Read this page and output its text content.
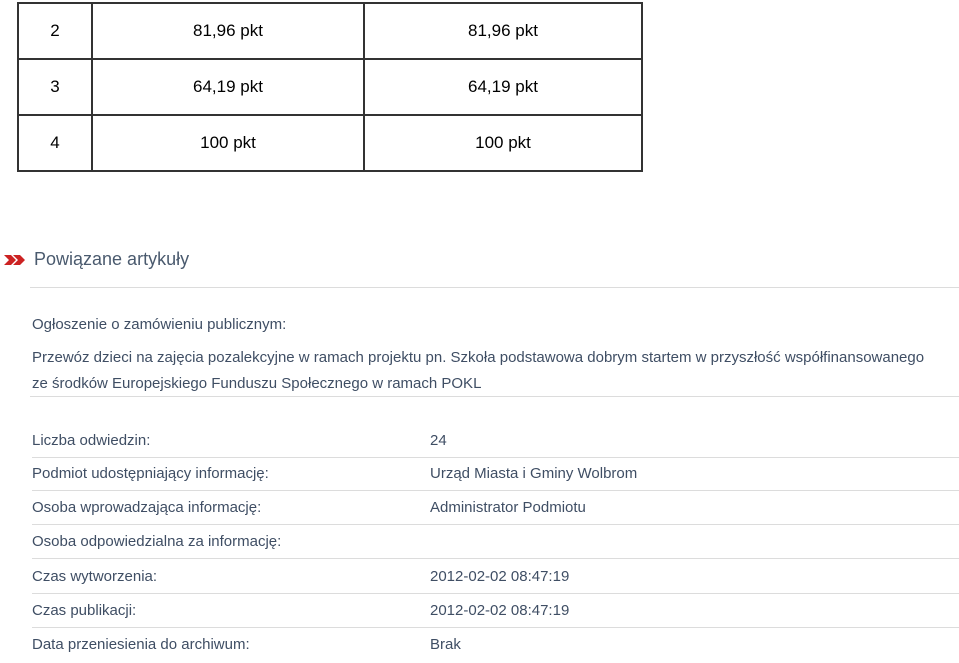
2	81,96 pkt	81,96 pkt
3	64,19 pkt	64,19 pkt
4	100 pkt	100 pkt
Powiązane artykuły
Ogłoszenie o zamówieniu publicznym:
Przewóz dzieci na zajęcia pozalekcyjne w ramach projektu pn. Szkoła podstawowa dobrym startem w przyszłość współfinansowanego ze środków Europejskiego Funduszu Społecznego w ramach POKL
Liczba odwiedzin:	24
Podmiot udostępniający informację:	Urząd Miasta i Gminy Wolbrom
Osoba wprowadzająca informację:	Administrator Podmiotu
Osoba odpowiedzialna za informację:
Czas wytworzenia:	2012-02-02 08:47:19
Czas publikacji:	2012-02-02 08:47:19
Data przeniesienia do archiwum:	Brak
